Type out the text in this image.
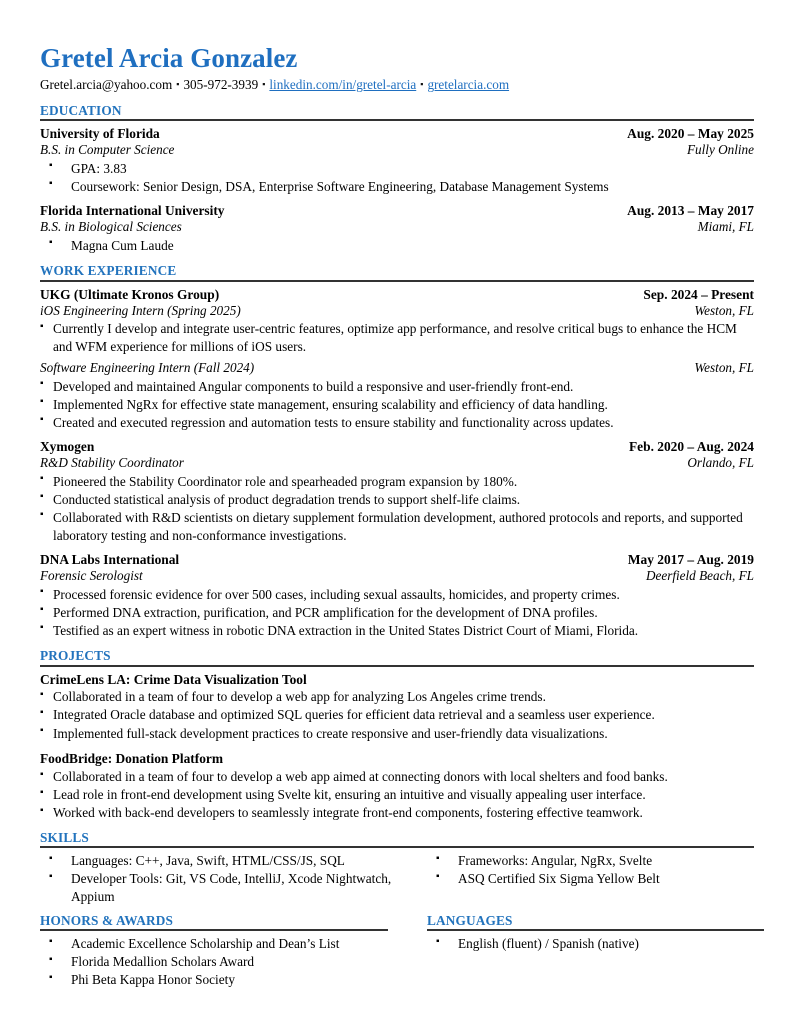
Gretel Arcia Gonzalez
Gretel.arcia@yahoo.com ▪ 305-972-3939 ▪ linkedin.com/in/gretel-arcia ▪ gretelarcia.com
EDUCATION
University of Florida	Aug. 2020 – May 2025
B.S. in Computer Science	Fully Online
▪ GPA: 3.83
▪ Coursework: Senior Design, DSA, Enterprise Software Engineering, Database Management Systems
Florida International University	Aug. 2013 – May 2017
B.S. in Biological Sciences	Miami, FL
▪ Magna Cum Laude
WORK EXPERIENCE
UKG (Ultimate Kronos Group)	Sep. 2024 – Present
iOS Engineering Intern (Spring 2025)	Weston, FL
▪ Currently I develop and integrate user-centric features, optimize app performance, and resolve critical bugs to enhance the HCM and WFM experience for millions of iOS users.
Software Engineering Intern (Fall 2024)	Weston, FL
▪ Developed and maintained Angular components to build a responsive and user-friendly front-end.
▪ Implemented NgRx for effective state management, ensuring scalability and efficiency of data handling.
▪ Created and executed regression and automation tests to ensure stability and functionality across updates.
Xymogen	Feb. 2020 – Aug. 2024
R&D Stability Coordinator	Orlando, FL
▪ Pioneered the Stability Coordinator role and spearheaded program expansion by 180%.
▪ Conducted statistical analysis of product degradation trends to support shelf-life claims.
▪ Collaborated with R&D scientists on dietary supplement formulation development, authored protocols and reports, and supported laboratory testing and non-conformance investigations.
DNA Labs International	May 2017 – Aug. 2019
Forensic Serologist	Deerfield Beach, FL
▪ Processed forensic evidence for over 500 cases, including sexual assaults, homicides, and property crimes.
▪ Performed DNA extraction, purification, and PCR amplification for the development of DNA profiles.
▪ Testified as an expert witness in robotic DNA extraction in the United States District Court of Miami, Florida.
PROJECTS
CrimeLens LA: Crime Data Visualization Tool
▪ Collaborated in a team of four to develop a web app for analyzing Los Angeles crime trends.
▪ Integrated Oracle database and optimized SQL queries for efficient data retrieval and a seamless user experience.
▪ Implemented full-stack development practices to create responsive and user-friendly data visualizations.
FoodBridge: Donation Platform
▪ Collaborated in a team of four to develop a web app aimed at connecting donors with local shelters and food banks.
▪ Lead role in front-end development using Svelte kit, ensuring an intuitive and visually appealing user interface.
▪ Worked with back-end developers to seamlessly integrate front-end components, fostering effective teamwork.
SKILLS
▪ Languages: C++, Java, Swift, HTML/CSS/JS, SQL
▪ Developer Tools: Git, VS Code, IntelliJ, Xcode Nightwatch, Appium
▪ Frameworks: Angular, NgRx, Svelte
▪ ASQ Certified Six Sigma Yellow Belt
HONORS & AWARDS
▪ Academic Excellence Scholarship and Dean’s List
▪ Florida Medallion Scholars Award
▪ Phi Beta Kappa Honor Society
LANGUAGES
▪ English (fluent) / Spanish (native)
